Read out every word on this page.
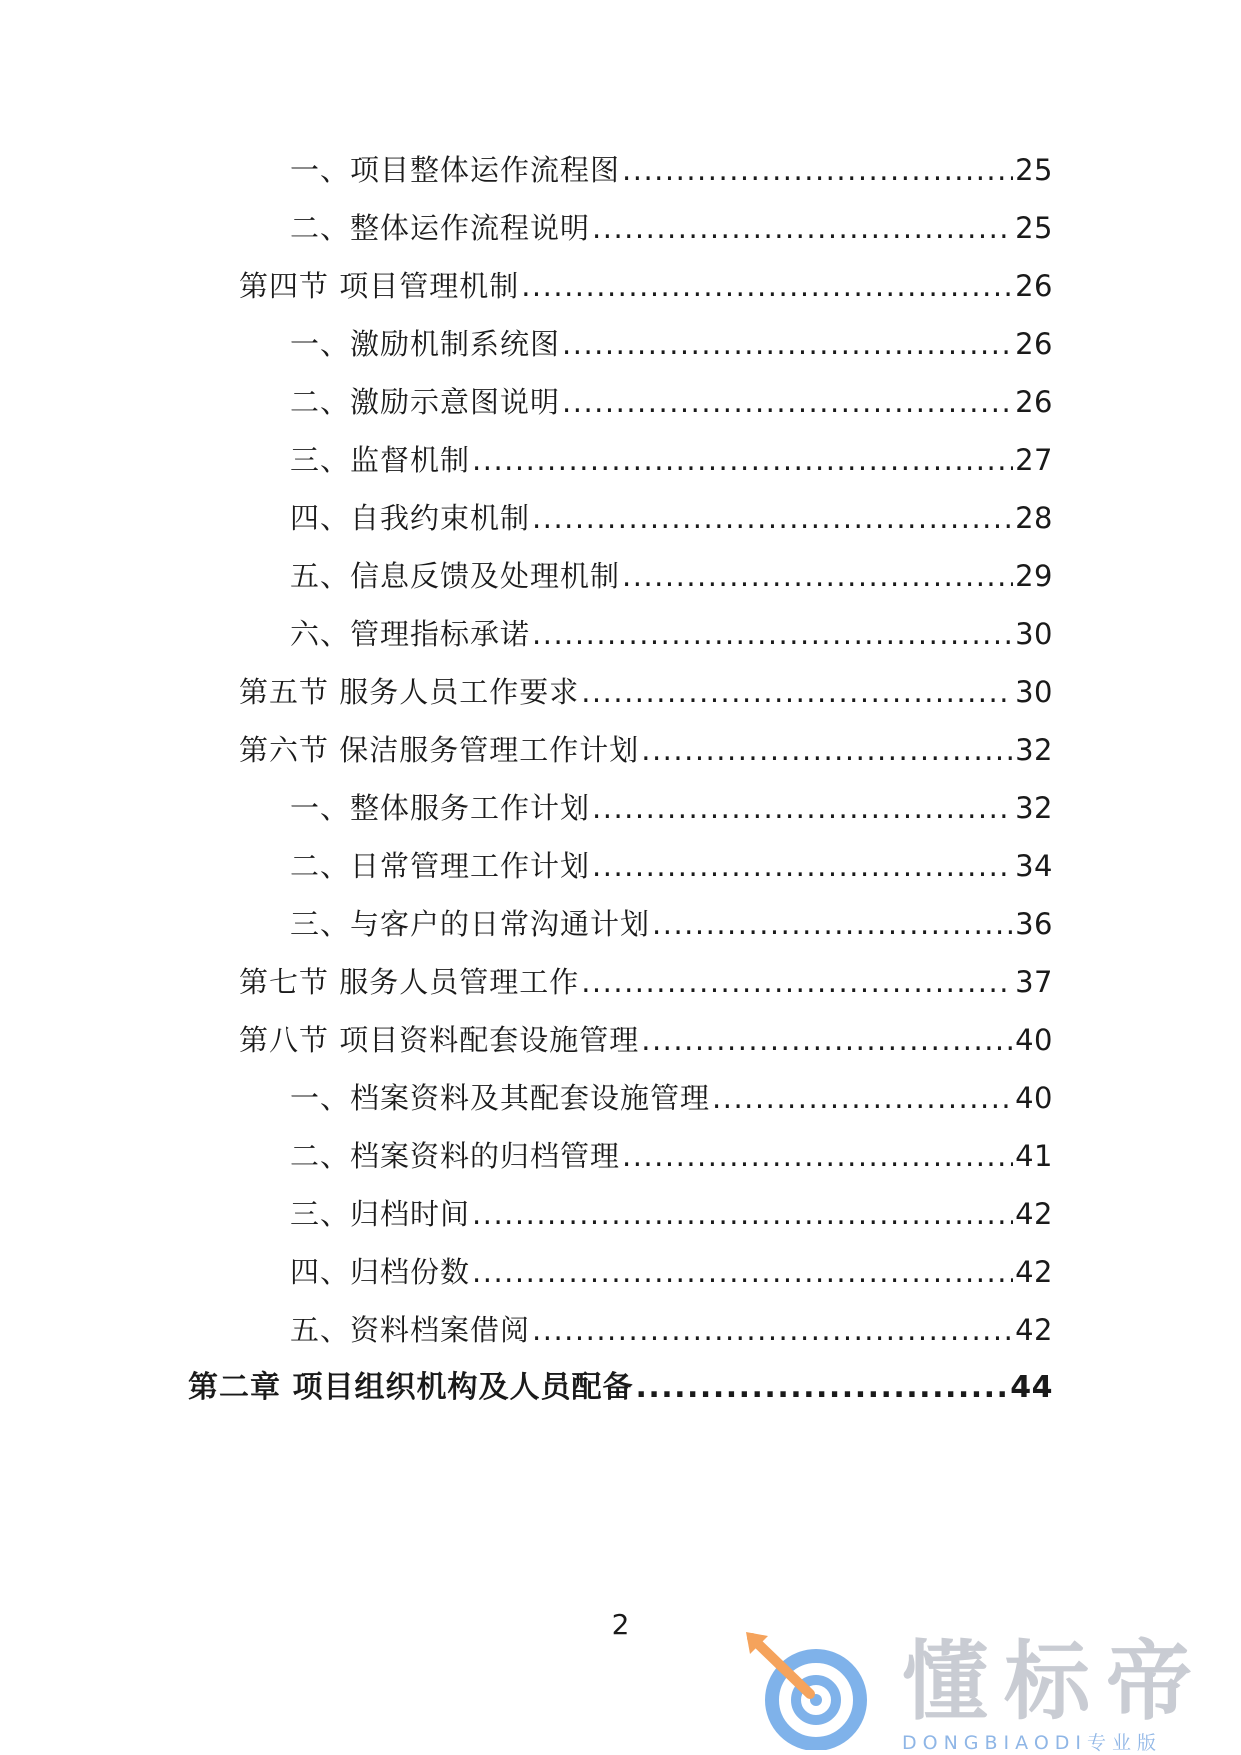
一、项目整体运作流程图 .....	25
二、整体运作流程说明 .....	25
第四节 项目管理机制 .....	26
一、激励机制系统图 .....	26
二、激励示意图说明 .....	26
三、监督机制 .....	27
四、自我约束机制 .....	28
五、信息反馈及处理机制 .....	29
六、管理指标承诺 .....	30
第五节 服务人员工作要求 .....	30
第六节 保洁服务管理工作计划 .....	32
一、整体服务工作计划 .....	32
二、日常管理工作计划 .....	34
三、与客户的日常沟通计划 .....	36
第七节 服务人员管理工作 .....	37
第八节 项目资料配套设施管理 .....	40
一、档案资料及其配套设施管理 .....	40
二、档案资料的归档管理 .....	41
三、归档时间 .....	42
四、归档份数 .....	42
五、资料档案借阅 .....	42
第二章 项目组织机构及人员配备 .....	44
2
懂标帝
DONGBIAODI专业版
